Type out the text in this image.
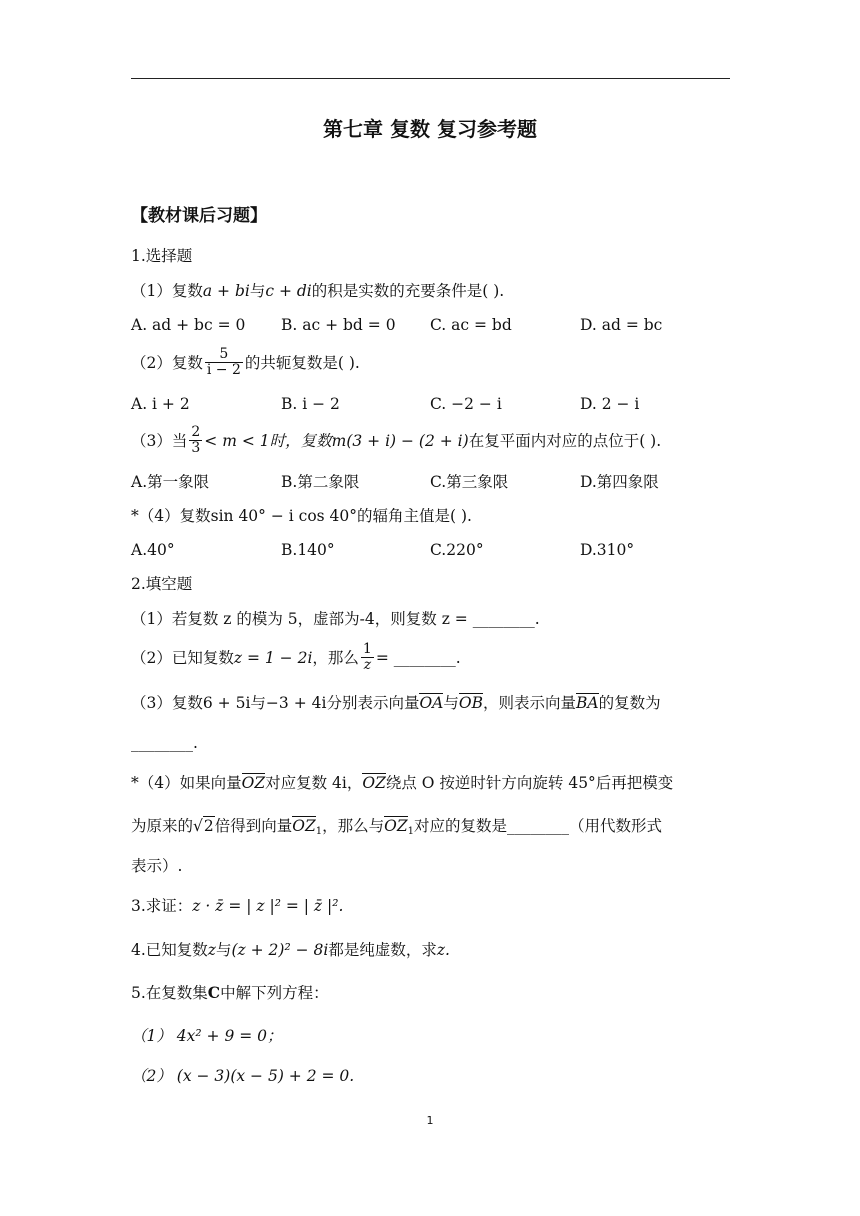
第七章 复数 复习参考题
【教材课后习题】
1.选择题
（1）复数a + bi与c + di的积是实数的充要条件是( ).
A. ad + bc = 0 B. ac + bd = 0 C. ac = bd	D. ad = bc
（2）复数 $\frac{5}{i - 2}$ 的共轭复数是( ).
A. i + 2	B. i − 2	C. −2 − i	D. 2 − i
（3）当 $\frac{2}{3} < m < 1$时，复数m(3 + i) − (2 + i)在复平面内对应的点位于( ).
A.第一象限	B.第二象限	C.第三象限	D.第四象限
*（4）复数sin 40° − i cos 40°的辐角主值是( ).
A.40°	B.140°	C.220°	D.310°
2.填空题
（1）若复数 z 的模为 5，虚部为-4，则复数 z = ________.
（2）已知复数z = 1 − 2i，那么 $\frac{1}{z}$ = ________.
（3）复数6 + 5i与−3 + 4i分别表示向量OA与OB，则表示向量BA的复数为
________.
*（4）如果向量OZ对应复数 4i，OZ绕点 O 按逆时针方向旋转 45°后再把模变
为原来的√2倍得到向量$OZ_1$，那么与$OZ_1$对应的复数是________（用代数形式
表示）.
3.求证：z · z̄ = | z |² = | z̄ |².
4.已知复数z与(z + 2)² − 8i都是纯虚数，求z.
5.在复数集C中解下列方程：
（1） 4x² + 9 = 0；
（2） (x − 3)(x − 5) + 2 = 0.
1
